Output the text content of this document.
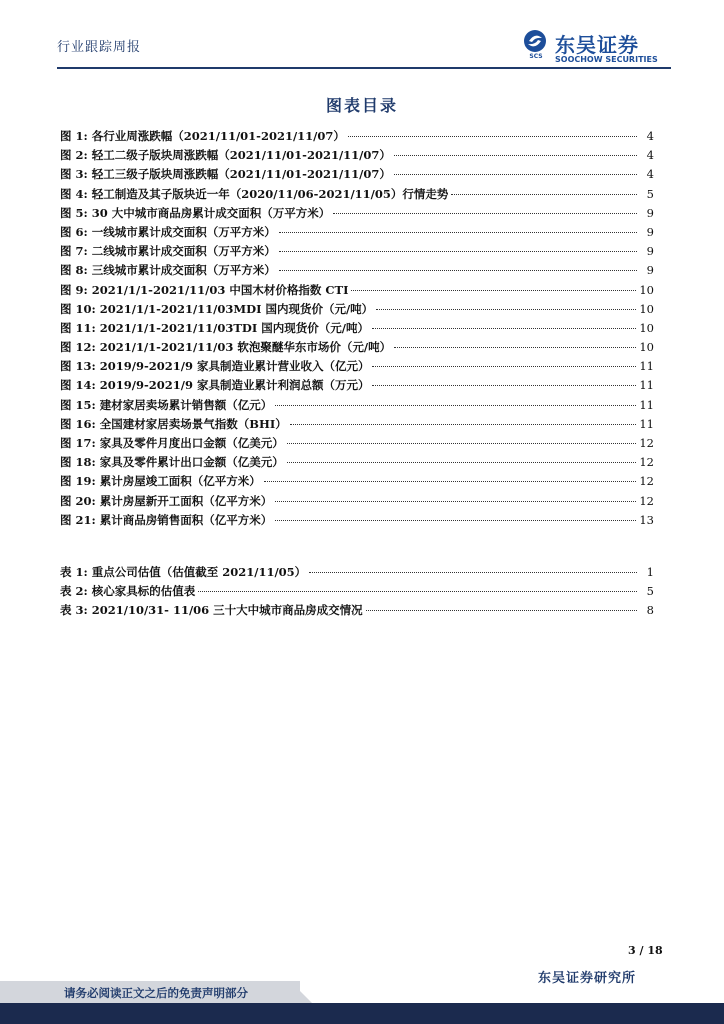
行业跟踪周报
SCS 东吴证券
SOOCHOW SECURITIES
图表目录
图 1: 各行业周涨跌幅（2021/11/01-2021/11/07）	4
图 2: 轻工二级子版块周涨跌幅（2021/11/01-2021/11/07）	4
图 3: 轻工三级子版块周涨跌幅（2021/11/01-2021/11/07）	4
图 4: 轻工制造及其子版块近一年（2020/11/06-2021/11/05）行情走势	5
图 5: 30 大中城市商品房累计成交面积（万平方米）	9
图 6: 一线城市累计成交面积（万平方米）	9
图 7: 二线城市累计成交面积（万平方米）	9
图 8: 三线城市累计成交面积（万平方米）	9
图 9: 2021/1/1-2021/11/03 中国木材价格指数 CTI	10
图 10: 2021/1/1-2021/11/03MDI 国内现货价（元/吨）	10
图 11: 2021/1/1-2021/11/03TDI 国内现货价（元/吨）	10
图 12: 2021/1/1-2021/11/03 软泡聚醚华东市场价（元/吨）	10
图 13: 2019/9-2021/9 家具制造业累计营业收入（亿元）	11
图 14: 2019/9-2021/9 家具制造业累计利润总额（万元）	11
图 15: 建材家居卖场累计销售额（亿元）	11
图 16: 全国建材家居卖场景气指数（BHI）	11
图 17: 家具及零件月度出口金额（亿美元）	12
图 18: 家具及零件累计出口金额（亿美元）	12
图 19: 累计房屋竣工面积（亿平方米）	12
图 20: 累计房屋新开工面积（亿平方米）	12
图 21: 累计商品房销售面积（亿平方米）	13
表 1: 重点公司估值（估值截至 2021/11/05）	1
表 2: 核心家具标的估值表	5
表 3: 2021/10/31- 11/06 三十大中城市商品房成交情况	8
3 / 18
东吴证券研究所
请务必阅读正文之后的免责声明部分
